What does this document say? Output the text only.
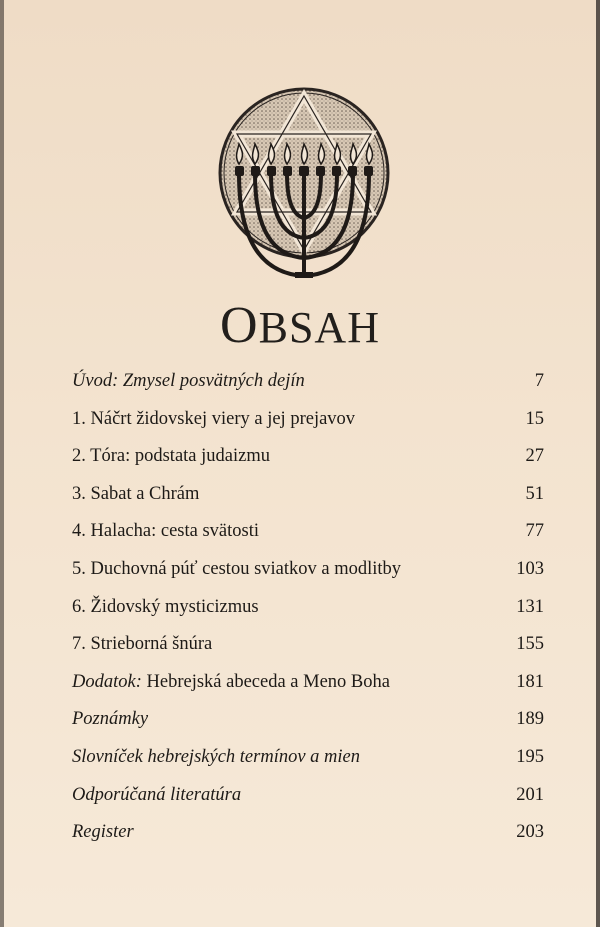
OBSAH
Úvod: Zmysel posvätných dejín	7
1. Náčrt židovskej viery a jej prejavov	15
2. Tóra: podstata judaizmu	27
3. Sabat a Chrám	51
4. Halacha: cesta svätosti	77
5. Duchovná púť cestou sviatkov a modlitby	103
6. Židovský mysticizmus	131
7. Strieborná šnúra	155
Dodatok: Hebrejská abeceda a Meno Boha	181
Poznámky	189
Slovníček hebrejských termínov a mien	195
Odporúčaná literatúra	201
Register	203
